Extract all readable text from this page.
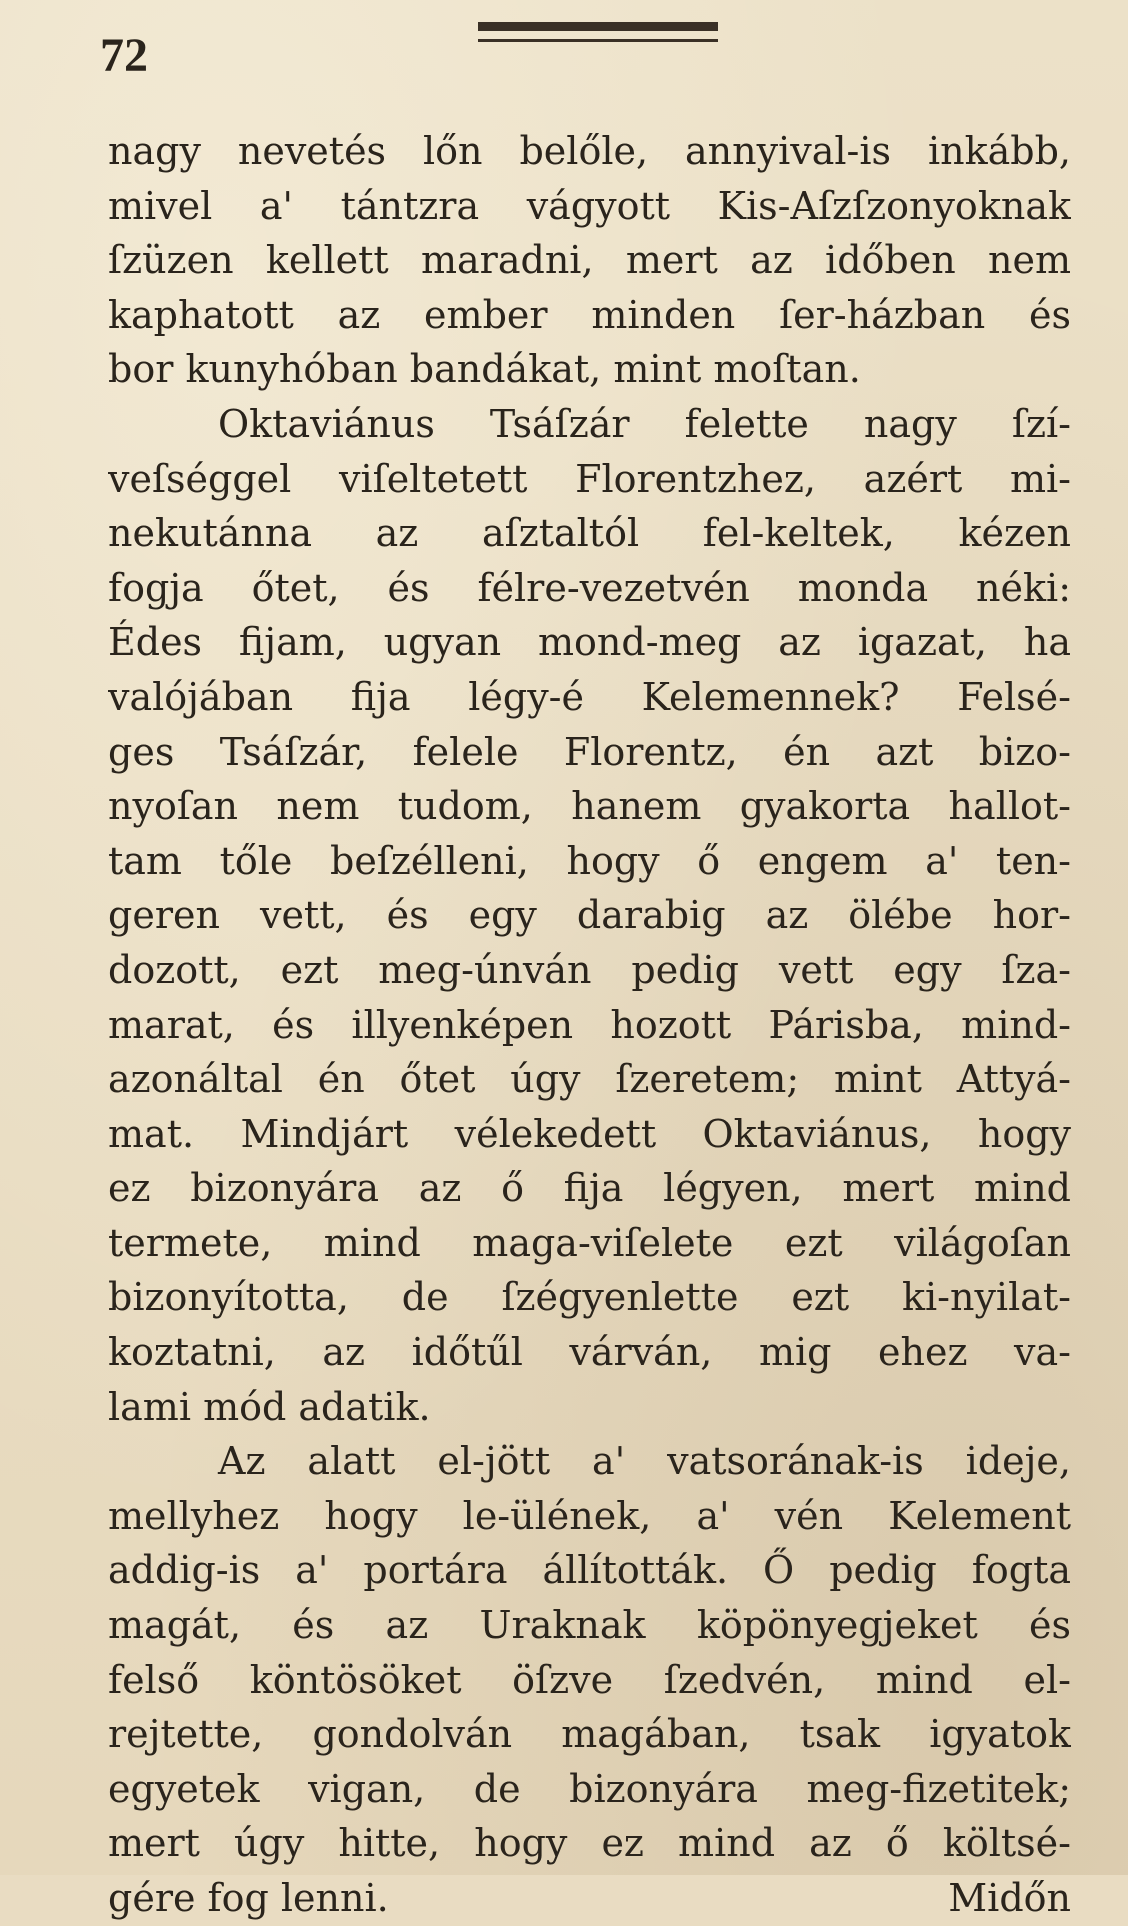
72
nagy nevetés lőn belőle, annyival-is inkább,
mivel a' tántzra vágyott Kis-Aſzſzonyoknak
ſzüzen kellett maradni, mert az időben nem
kaphatott az ember minden ſer-házban és
bor kunyhóban bandákat, mint moſtan.
Oktaviánus Tsáſzár felette nagy ſzí-
veſséggel viſeltetett Florentzhez, azért mi-
nekutánna az aſztaltól fel-keltek, kézen
fogja őtet, és félre-vezetvén monda néki:
Édes fijam, ugyan mond-meg az igazat, ha
valójában fija légy-é Kelemennek? Felsé-
ges Tsáſzár, felele Florentz, én azt bizo-
nyoſan nem tudom, hanem gyakorta hallot-
tam tőle beſzélleni, hogy ő engem a' ten-
geren vett, és egy darabig az ölébe hor-
dozott, ezt meg-únván pedig vett egy ſza-
marat, és illyenképen hozott Párisba, mind-
azonáltal én őtet úgy ſzeretem; mint Attyá-
mat. Mindjárt vélekedett Oktaviánus, hogy
ez bizonyára az ő fija légyen, mert mind
termete, mind maga-viſelete ezt világoſan
bizonyította, de ſzégyenlette ezt ki-nyilat-
koztatni, az időtűl várván, mig ehez va-
lami mód adatik.
Az alatt el-jött a' vatsorának-is ideje,
mellyhez hogy le-ülének, a' vén Kelement
addig-is a' portára állították. Ő pedig fogta
magát, és az Uraknak köpönyegjeket és
felső köntösöket öſzve ſzedvén, mind el-
rejtette, gondolván magában, tsak igyatok
egyetek vigan, de bizonyára meg-fizetitek;
mert úgy hitte, hogy ez mind az ő költsé-
gére fog lenni.	Midőn
